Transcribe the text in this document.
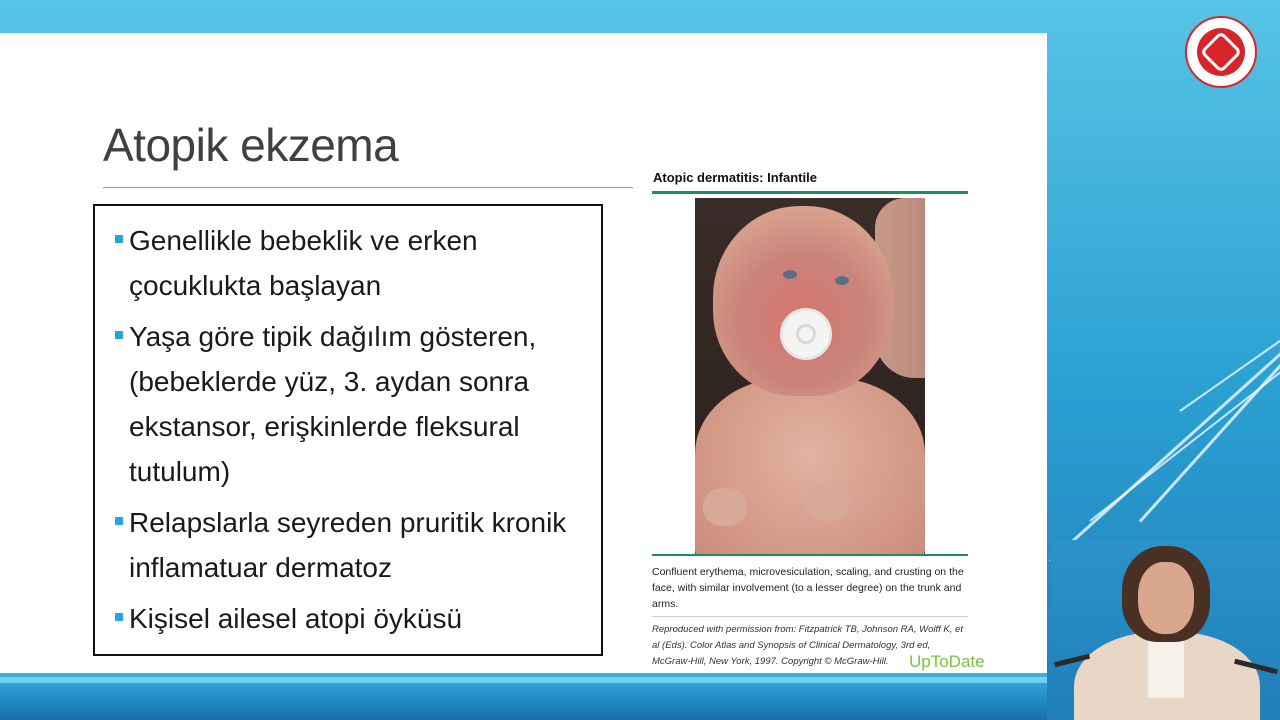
Atopik ekzema
Genellikle bebeklik ve erken çocuklukta başlayan
Yaşa göre tipik dağılım gösteren, (bebeklerde yüz, 3. aydan sonra ekstansor, erişkinlerde fleksural tutulum)
Relapslarla seyreden pruritik kronik inflamatuar dermatoz
Kişisel ailesel atopi öyküsü
Atopic dermatitis: Infantile
Confluent erythema, microvesiculation, scaling, and crusting on the face, with similar involvement (to a lesser degree) on the trunk and arms.
Reproduced with permission from: Fitzpatrick TB, Johnson RA, Wolff K, et al (Eds). Color Atlas and Synopsis of Clinical Dermatology, 3rd ed, McGraw-Hill, New York, 1997. Copyright © McGraw-Hill.	UpToDate
